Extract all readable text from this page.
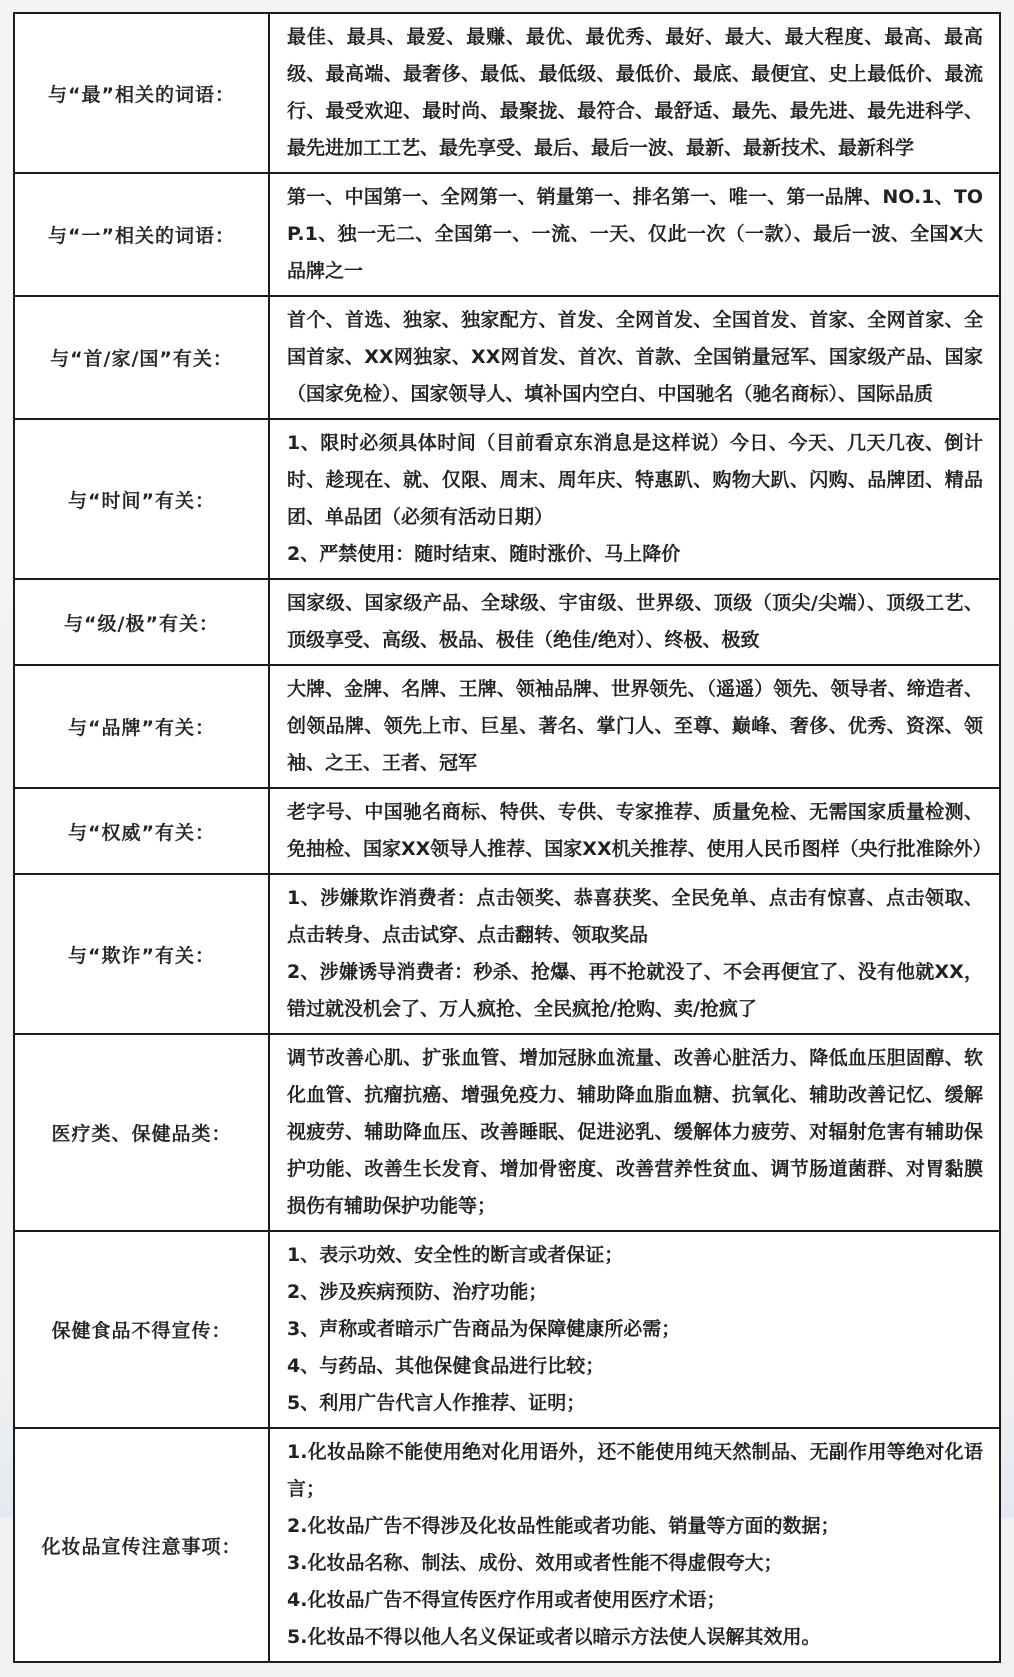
与“最”相关的词语：	最佳、最具、最爱、最赚、最优、最优秀、最好、最大、最大程度、最高、最高级、最高端、最奢侈、最低、最低级、最低价、最底、最便宜、史上最低价、最流行、最受欢迎、最时尚、最聚拢、最符合、最舒适、最先、最先进、最先进科学、最先进加工工艺、最先享受、最后、最后一波、最新、最新技术、最新科学

与“一”相关的词语：	第一、中国第一、全网第一、销量第一、排名第一、唯一、第一品牌、NO.1、TOP.1、独一无二、全国第一、一流、一天、仅此一次（一款）、最后一波、全国X大品牌之一

与“首/家/国”有关：	首个、首选、独家、独家配方、首发、全网首发、全国首发、首家、全网首家、全国首家、XX网独家、XX网首发、首次、首款、全国销量冠军、国家级产品、国家（国家免检）、国家领导人、填补国内空白、中国驰名（驰名商标）、国际品质

与“时间”有关：	1、限时必须具体时间（目前看京东消息是这样说）今日、今天、几天几夜、倒计时、趁现在、就、仅限、周末、周年庆、特惠趴、购物大趴、闪购、品牌团、精品团、单品团（必须有活动日期）

2、严禁使用：随时结束、随时涨价、马上降价

与“级/极”有关：	国家级、国家级产品、全球级、宇宙级、世界级、顶级（顶尖/尖端）、顶级工艺、顶级享受、高级、极品、极佳（绝佳/绝对）、终极、极致

与“品牌”有关：	大牌、金牌、名牌、王牌、领袖品牌、世界领先、（遥遥）领先、领导者、缔造者、创领品牌、领先上市、巨星、著名、掌门人、至尊、巅峰、奢侈、优秀、资深、领袖、之王、王者、冠军

与“权威”有关：	老字号、中国驰名商标、特供、专供、专家推荐、质量免检、无需国家质量检测、免抽检、国家XX领导人推荐、国家XX机关推荐、使用人民币图样（央行批准除外）

与“欺诈”有关：	1、涉嫌欺诈消费者：点击领奖、恭喜获奖、全民免单、点击有惊喜、点击领取、点击转身、点击试穿、点击翻转、领取奖品

2、涉嫌诱导消费者：秒杀、抢爆、再不抢就没了、不会再便宜了、没有他就XX，错过就没机会了、万人疯抢、全民疯抢/抢购、卖/抢疯了

医疗类、保健品类：	调节改善心肌、扩张血管、增加冠脉血流量、改善心脏活力、降低血压胆固醇、软化血管、抗瘤抗癌、增强免疫力、辅助降血脂血糖、抗氧化、辅助改善记忆、缓解视疲劳、辅助降血压、改善睡眠、促进泌乳、缓解体力疲劳、对辐射危害有辅助保护功能、改善生长发育、增加骨密度、改善营养性贫血、调节肠道菌群、对胃黏膜损伤有辅助保护功能等；

保健食品不得宣传：	1、表示功效、安全性的断言或者保证；

2、涉及疾病预防、治疗功能；

3、声称或者暗示广告商品为保障健康所必需；

4、与药品、其他保健食品进行比较；

5、利用广告代言人作推荐、证明；

化妆品宣传注意事项：	1.化妆品除不能使用绝对化用语外，还不能使用纯天然制品、无副作用等绝对化语言；

2.化妆品广告不得涉及化妆品性能或者功能、销量等方面的数据；

3.化妆品名称、制法、成份、效用或者性能不得虚假夸大；

4.化妆品广告不得宣传医疗作用或者使用医疗术语；

5.化妆品不得以他人名义保证或者以暗示方法使人误解其效用。
